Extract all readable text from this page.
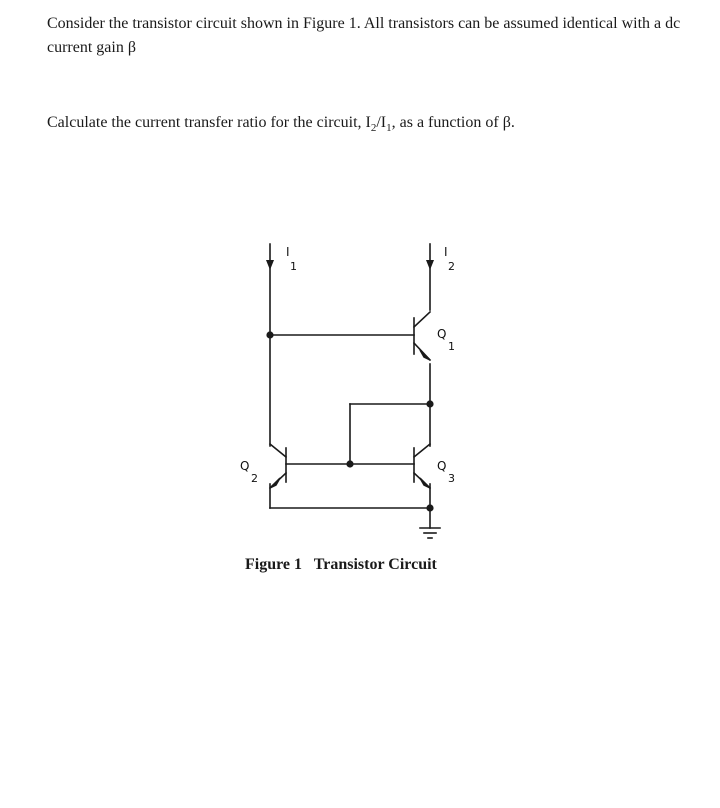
Consider the transistor circuit shown in Figure 1. All transistors can be assumed identical with a dc current gain β

Calculate the current transfer ratio for the circuit, $I_2/I_1$, as a function of β.

I
1
I
2
Q
1
Q
2
Q
3
Figure 1 Transistor Circuit
